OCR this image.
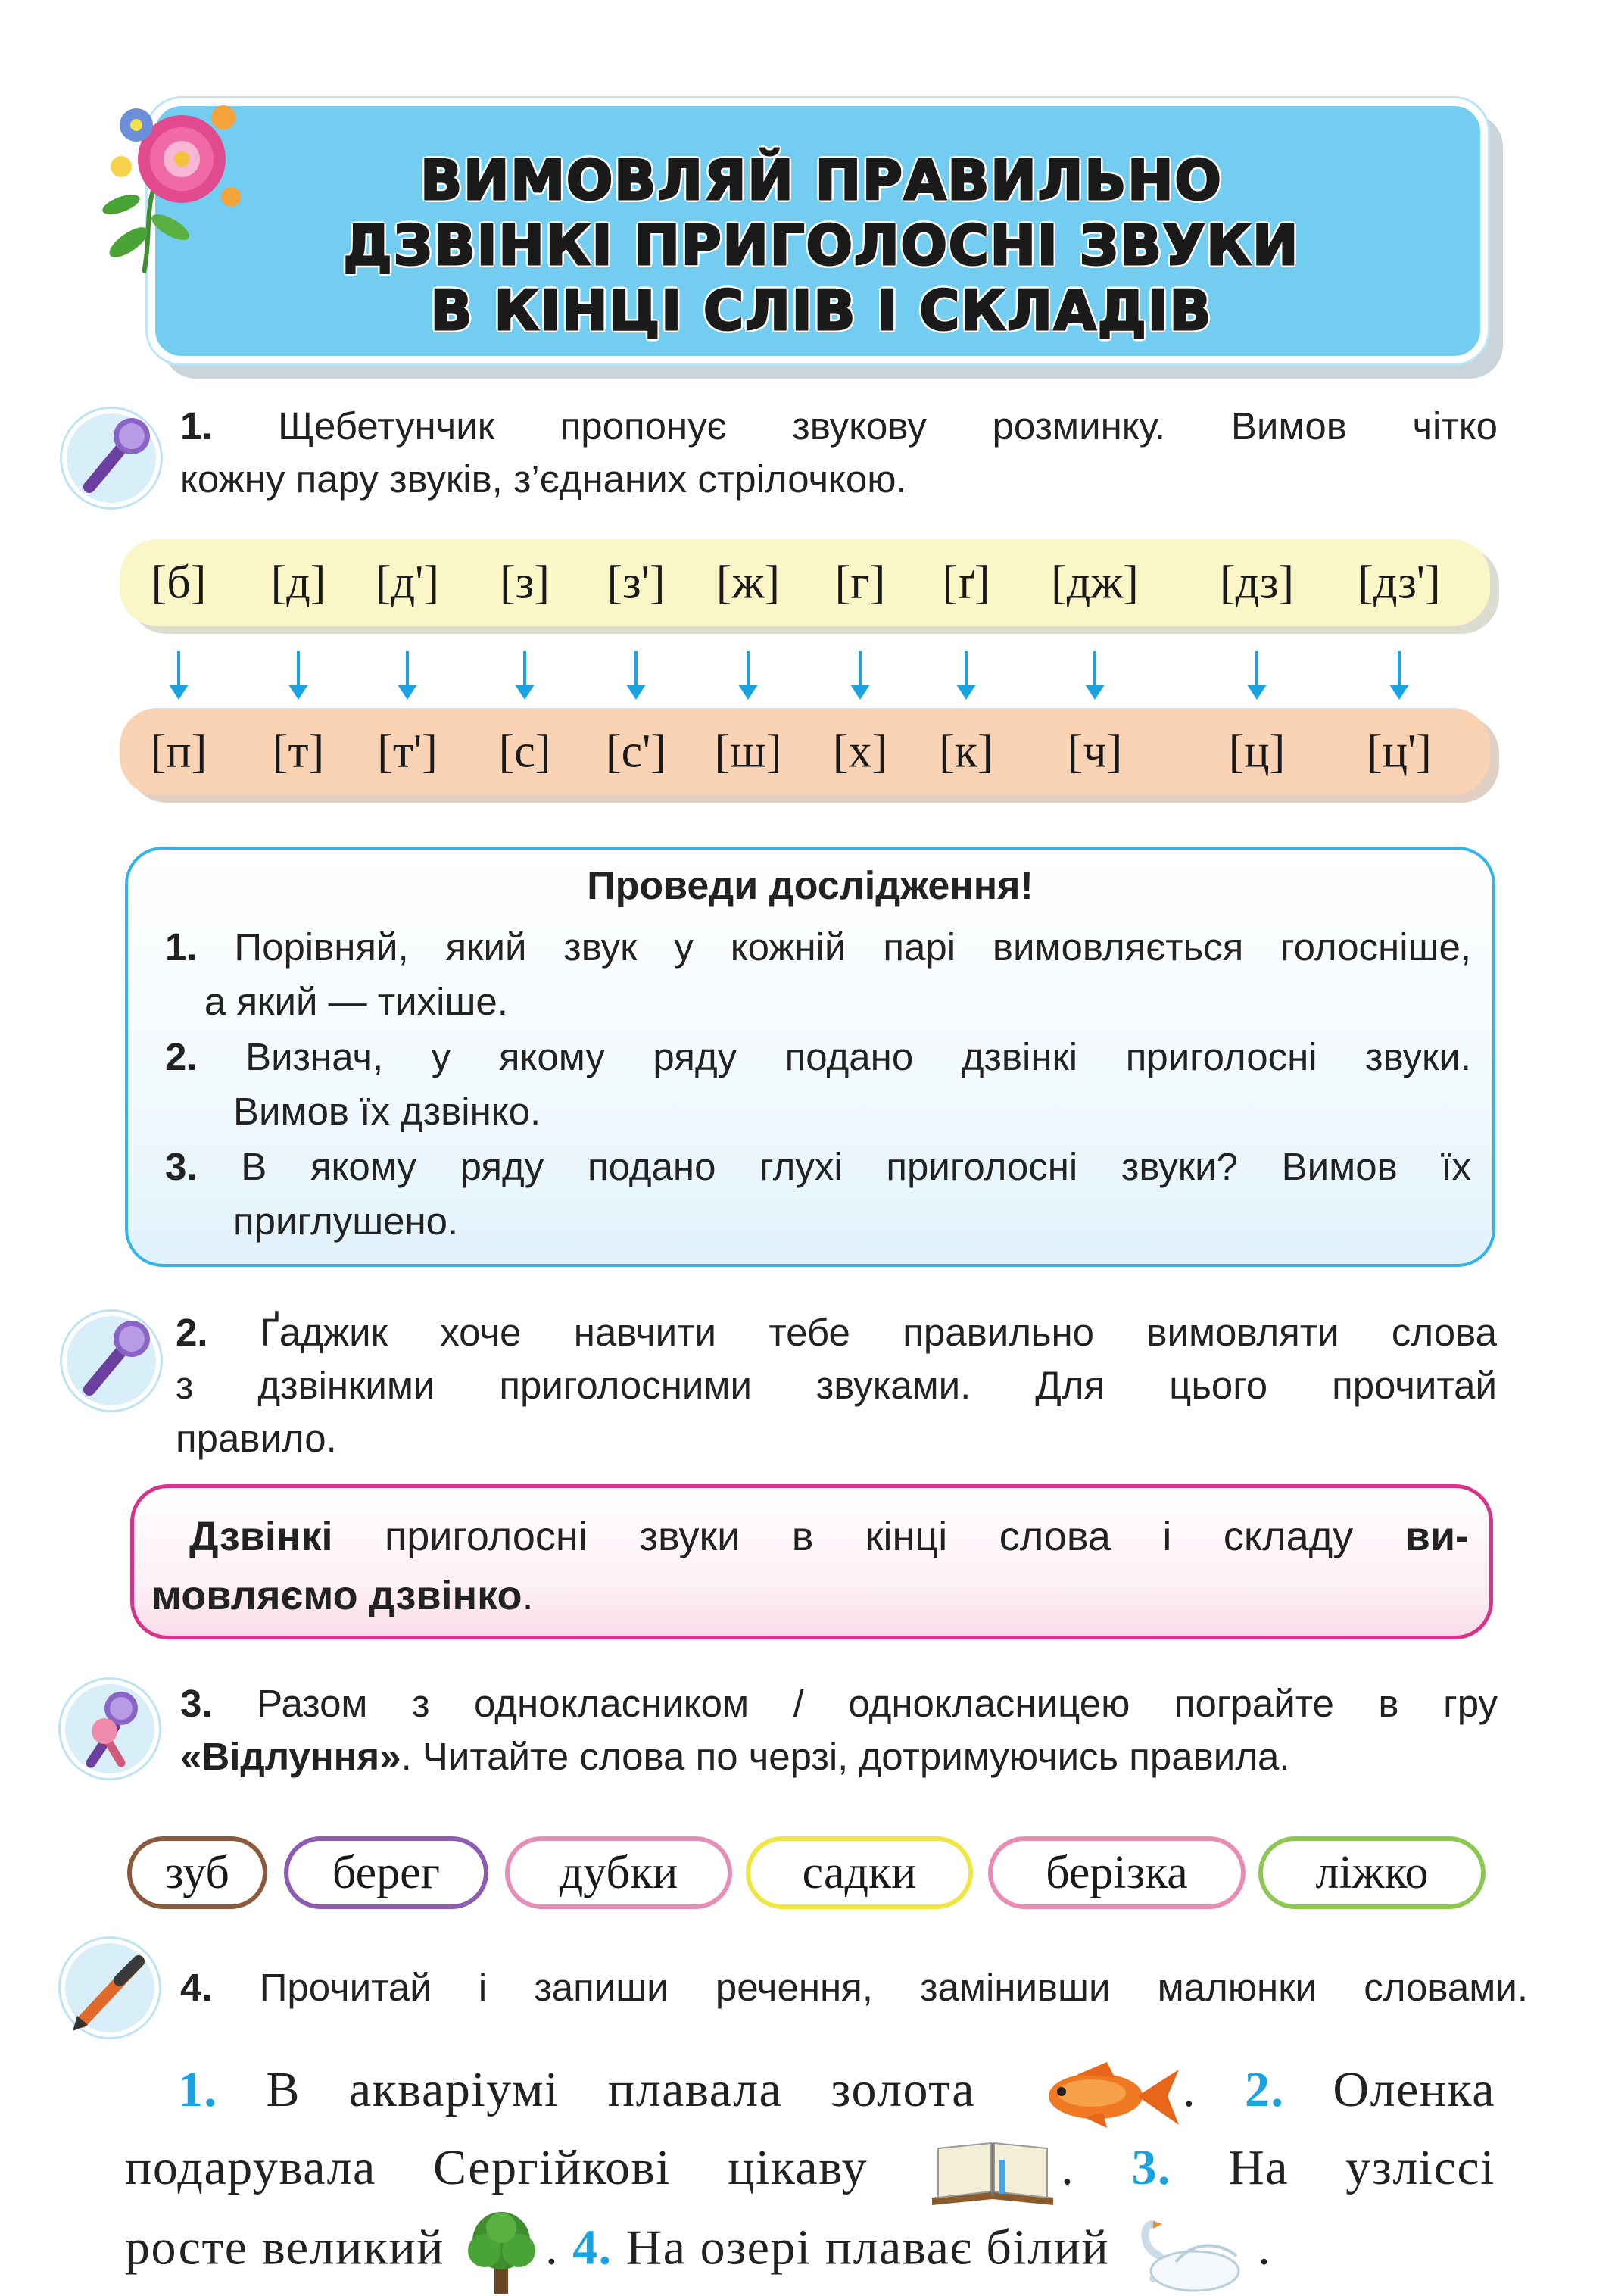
ВИМОВЛЯЙ ПРАВИЛЬНО
ДЗВІНКІ ПРИГОЛОСНІ ЗВУКИ
В КІНЦІ СЛІВ І СКЛАДІВ
1. Щебетунчик пропонує звукову розминку. Вимов чітко
кожну пару звуків, з’єднаних стрілочкою.
[б] [д] [д'] [з] [з'] [ж] [г] [ґ] [дж] [дз] [дз']
[п] [т] [т'] [с] [с'] [ш] [х] [к] [ч] [ц] [ц']
Проведи дослідження!
1. Порівняй, який звук у кожній парі вимовляється голосніше,
а який — тихіше.
2. Визнач, у якому ряду подано дзвінкі приголосні звуки.
Вимов їх дзвінко.
3. В якому ряду подано глухі приголосні звуки? Вимов їх
приглушено.
2. Ґаджик хоче навчити тебе правильно вимовляти слова
з дзвінкими приголосними звуками. Для цього прочитай
правило.
Дзвінкі приголосні звуки в кінці слова і складу ви-
мовляємо дзвінко.
3. Разом з однокласником / однокласницею пограйте в гру
«Відлуння». Читайте слова по черзі, дотримуючись правила.
зуб	берег	дубки	садки	берізка	ліжко
4. Прочитай і запиши речення, замінивши малюнки словами.
1. В акваріумі плавала золота	. 2. Оленка
подарувала Сергійкові цікаву	. 3. На узліссі
росте великий . 4. На озері плаває білий  .
